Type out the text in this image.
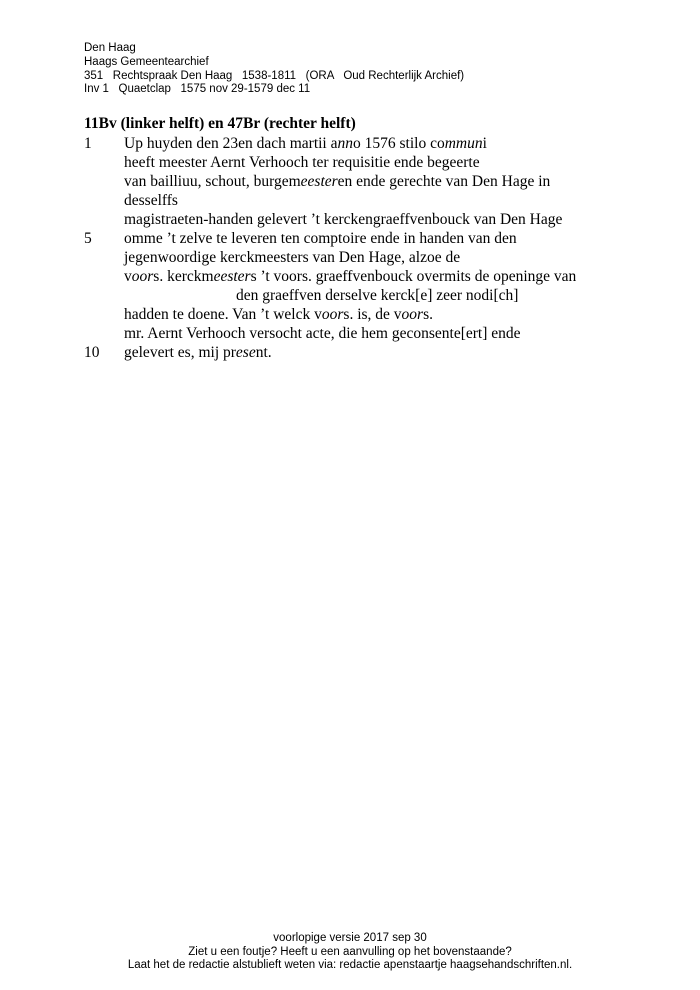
Den Haag
Haags Gemeentearchief
351   Rechtspraak Den Haag   1538-1811   (ORA   Oud Rechterlijk Archief)
Inv 1   Quaetclap   1575 nov 29-1579 dec 11
11Bv (linker helft) en 47Br (rechter helft)
1 Up huyden den 23en dach martii anno 1576 stilo communi
heeft meester Aernt Verhooch ter requisitie ende begeerte
van bailliuu, schout, burgemeesteren ende gerechte van Den Hage in
desselffs
magistraeten-handen gelevert ’t kerckengraeffvenbouck van Den Hage
5 omme ’t zelve te leveren ten comptoire ende in handen van den
jegenwoordige kerckmeesters van Den Hage, alzoe de
voors. kerckmeesters ’t voors. graeffvenbouck overmits de openinge van
den graeffven derselve kerck[e] zeer nodi[ch]
hadden te doene. Van ’t welck voors. is, de voors.
mr. Aernt Verhooch versocht acte, die hem geconsente[ert] ende
10 gelevert es, mij present.
voorlopige versie 2017 sep 30
Ziet u een foutje? Heeft u een aanvulling op het bovenstaande?
Laat het de redactie alstublieft weten via: redactie apenstaartje haagsehandschriften.nl.
